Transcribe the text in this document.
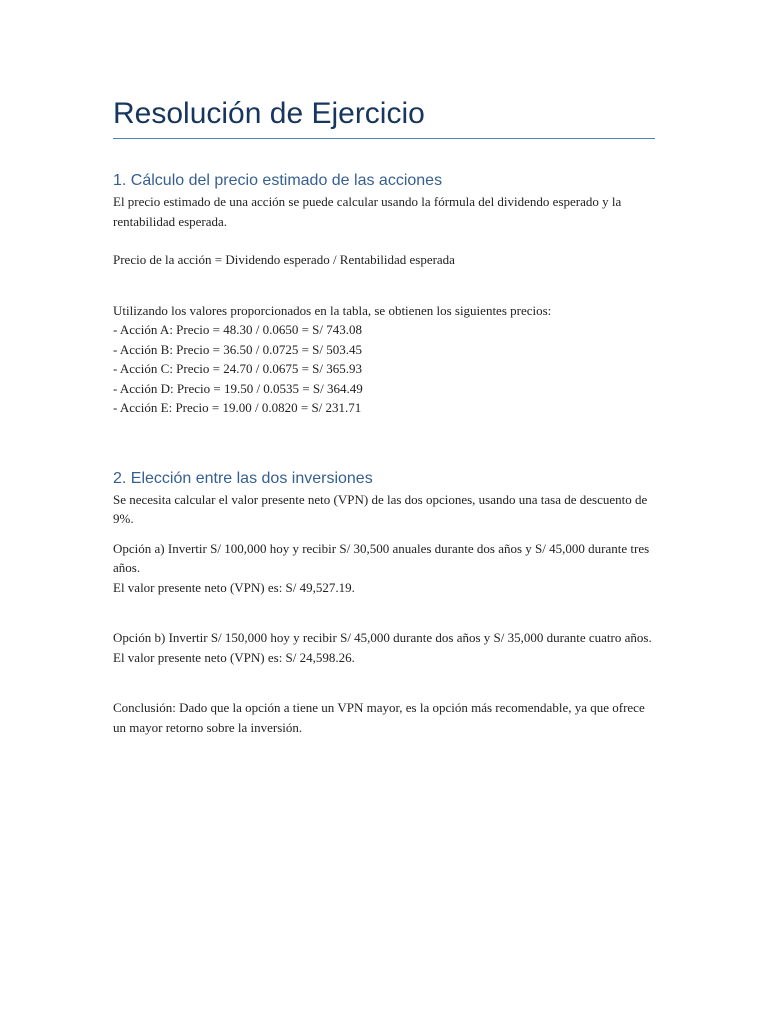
Resolución de Ejercicio
1. Cálculo del precio estimado de las acciones

El precio estimado de una acción se puede calcular usando la fórmula del dividendo esperado y la rentabilidad esperada.

Precio de la acción = Dividendo esperado / Rentabilidad esperada

Utilizando los valores proporcionados en la tabla, se obtienen los siguientes precios:
- Acción A: Precio = 48.30 / 0.0650 = S/ 743.08
- Acción B: Precio = 36.50 / 0.0725 = S/ 503.45
- Acción C: Precio = 24.70 / 0.0675 = S/ 365.93
- Acción D: Precio = 19.50 / 0.0535 = S/ 364.49
- Acción E: Precio = 19.00 / 0.0820 = S/ 231.71
2. Elección entre las dos inversiones

Se necesita calcular el valor presente neto (VPN) de las dos opciones, usando una tasa de descuento de 9%.

Opción a) Invertir S/ 100,000 hoy y recibir S/ 30,500 anuales durante dos años y S/ 45,000 durante tres años.
El valor presente neto (VPN) es: S/ 49,527.19.
Opción b) Invertir S/ 150,000 hoy y recibir S/ 45,000 durante dos años y S/ 35,000 durante cuatro años.
El valor presente neto (VPN) es: S/ 24,598.26.

Conclusión: Dado que la opción a tiene un VPN mayor, es la opción más recomendable, ya que ofrece un mayor retorno sobre la inversión.
